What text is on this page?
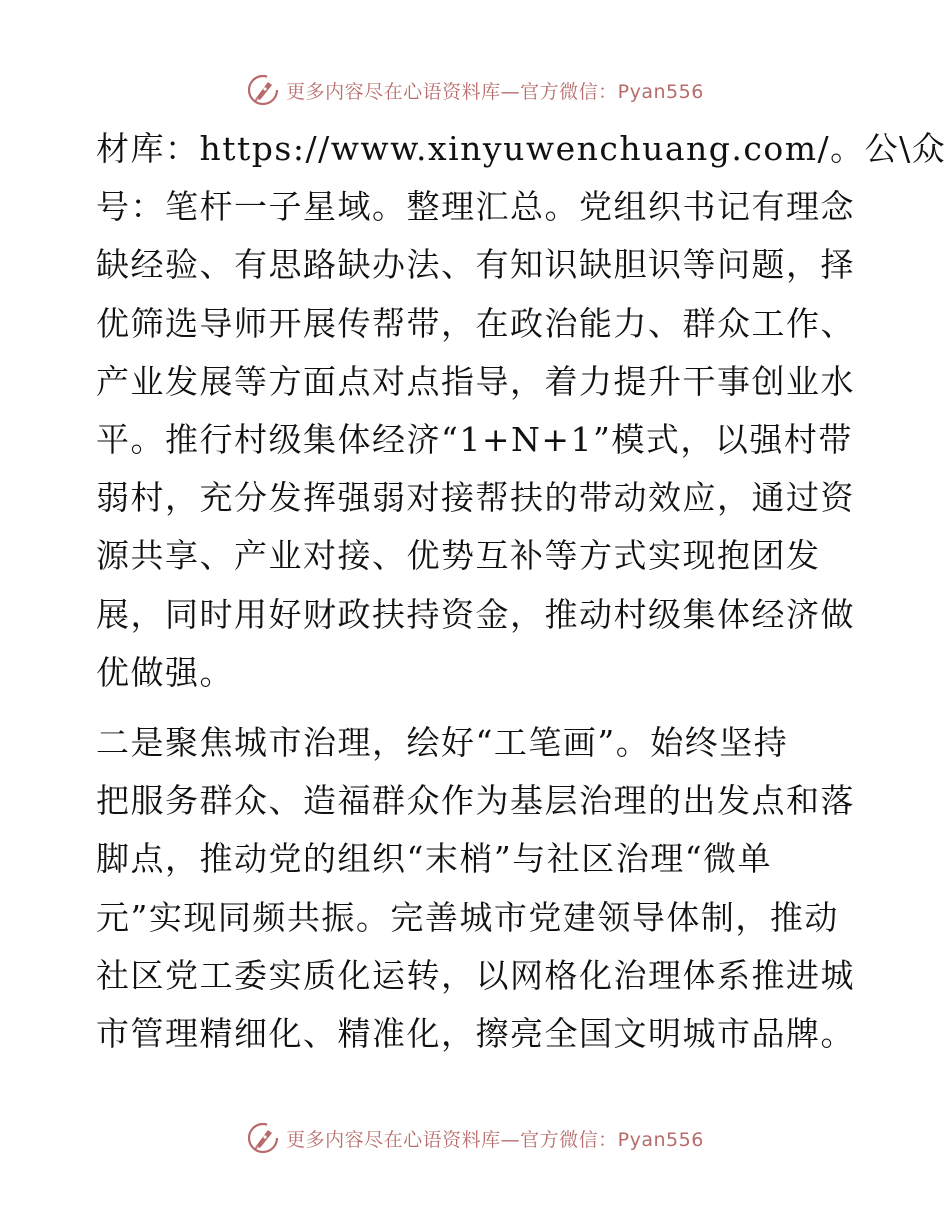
更多内容尽在心语资料库—官方微信：Pyan556

材库：https://www.xinyuwenchuang.com/。公\众
号：笔杆一子星域。整理汇总。党组织书记有理念
缺经验、有思路缺办法、有知识缺胆识等问题，择
优筛选导师开展传帮带，在政治能力、群众工作、
产业发展等方面点对点指导，着力提升干事创业水
平。推行村级集体经济“1+N+1”模式，以强村带
弱村，充分发挥强弱对接帮扶的带动效应，通过资
源共享、产业对接、优势互补等方式实现抱团发
展，同时用好财政扶持资金，推动村级集体经济做
优做强。

二是聚焦城市治理，绘好“工笔画”。始终坚持
把服务群众、造福群众作为基层治理的出发点和落
脚点，推动党的组织“末梢”与社区治理“微单
元”实现同频共振。完善城市党建领导体制，推动
社区党工委实质化运转，以网格化治理体系推进城
市管理精细化、精准化，擦亮全国文明城市品牌。

更多内容尽在心语资料库—官方微信：Pyan556
